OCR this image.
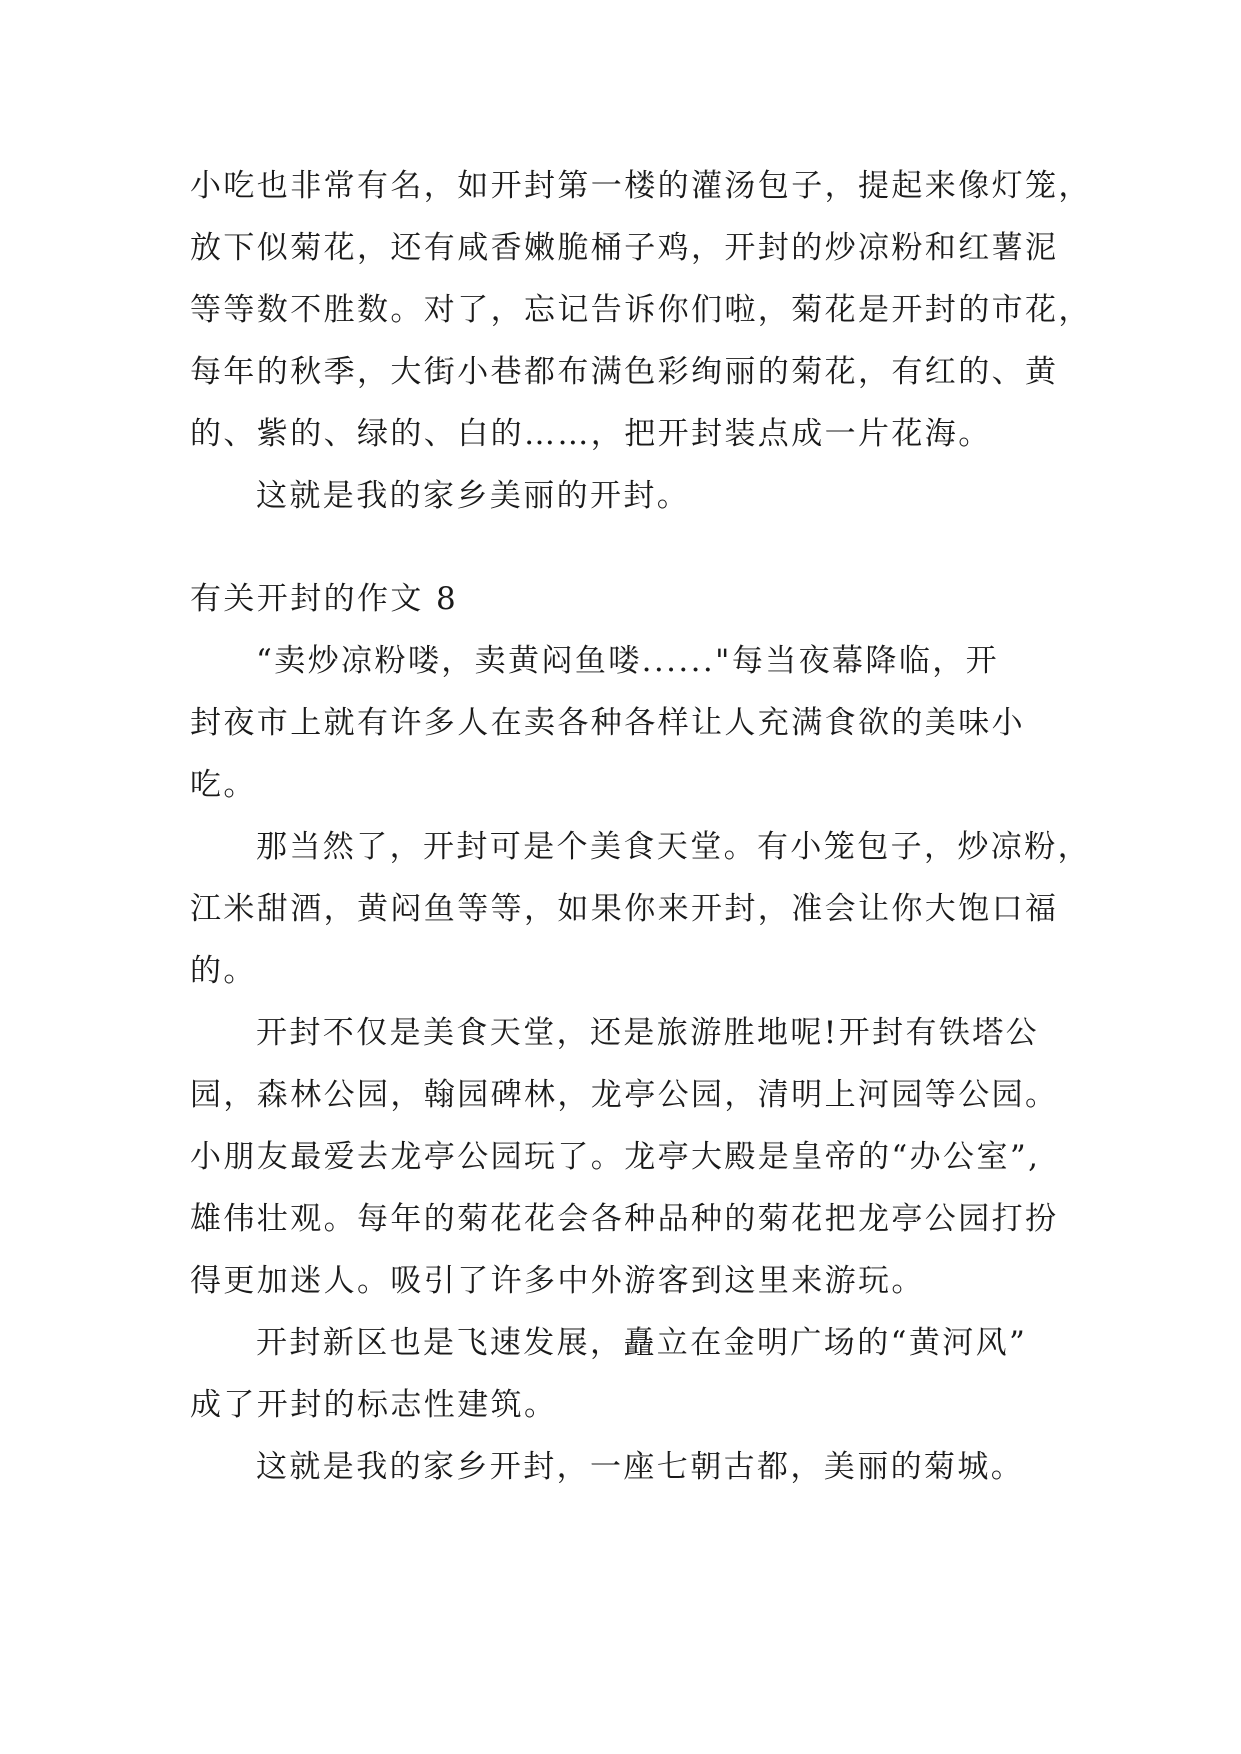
小吃也非常有名，如开封第一楼的灌汤包子，提起来像灯笼，
放下似菊花，还有咸香嫩脆桶子鸡，开封的炒凉粉和红薯泥
等等数不胜数。对了，忘记告诉你们啦，菊花是开封的市花，
每年的秋季，大街小巷都布满色彩绚丽的菊花，有红的、黄
的、紫的、绿的、白的……，把开封装点成一片花海。
这就是我的家乡美丽的开封。
有关开封的作文 8
“卖炒凉粉喽，卖黄闷鱼喽......"每当夜幕降临，开
封夜市上就有许多人在卖各种各样让人充满食欲的美味小
吃。
那当然了，开封可是个美食天堂。有小笼包子，炒凉粉，
江米甜酒，黄闷鱼等等，如果你来开封，准会让你大饱口福
的。
开封不仅是美食天堂，还是旅游胜地呢!开封有铁塔公
园，森林公园，翰园碑林，龙亭公园，清明上河园等公园。
小朋友最爱去龙亭公园玩了。龙亭大殿是皇帝的“办公室”,
雄伟壮观。每年的菊花花会各种品种的菊花把龙亭公园打扮
得更加迷人。吸引了许多中外游客到这里来游玩。
开封新区也是飞速发展，矗立在金明广场的“黄河风”
成了开封的标志性建筑。
这就是我的家乡开封，一座七朝古都，美丽的菊城。
